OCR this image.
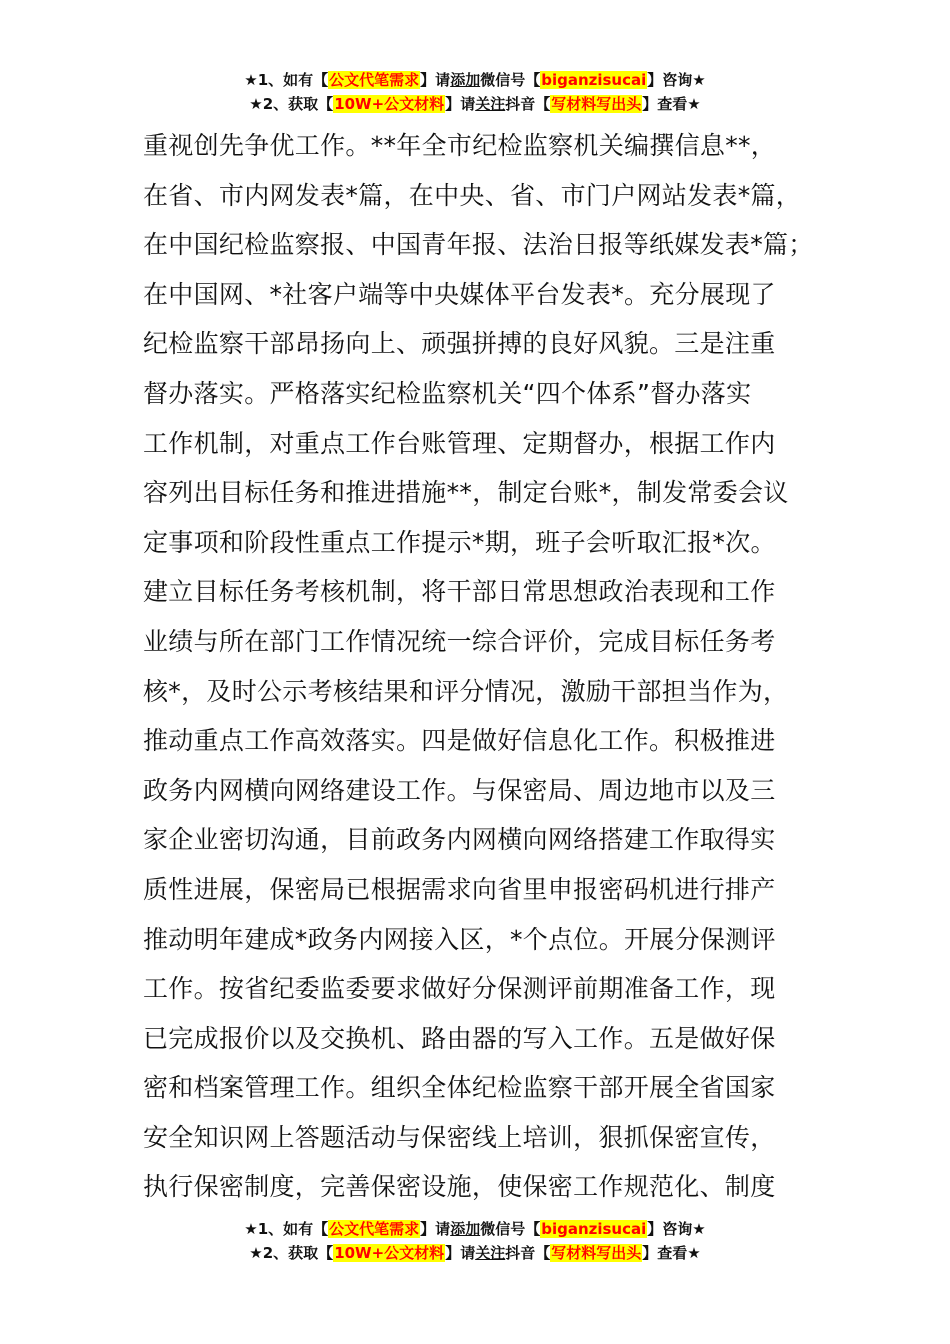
★1、如有【公文代笔需求】请添加微信号【biganzisucai】咨询★
★2、获取【10W+公文材料】请关注抖音【写材料写出头】查看★
重视创先争优工作。**年全市纪检监察机关编撰信息**，
在省、市内网发表*篇，在中央、省、市门户网站发表*篇，
在中国纪检监察报、中国青年报、法治日报等纸媒发表*篇；
在中国网、*社客户端等中央媒体平台发表*。充分展现了
纪检监察干部昂扬向上、顽强拼搏的良好风貌。三是注重
督办落实。严格落实纪检监察机关“四个体系”督办落实
工作机制，对重点工作台账管理、定期督办，根据工作内
容列出目标任务和推进措施**，制定台账*，制发常委会议
定事项和阶段性重点工作提示*期，班子会听取汇报*次。
建立目标任务考核机制，将干部日常思想政治表现和工作
业绩与所在部门工作情况统一综合评价，完成目标任务考
核*，及时公示考核结果和评分情况，激励干部担当作为，
推动重点工作高效落实。四是做好信息化工作。积极推进
政务内网横向网络建设工作。与保密局、周边地市以及三
家企业密切沟通，目前政务内网横向网络搭建工作取得实
质性进展，保密局已根据需求向省里申报密码机进行排产
推动明年建成*政务内网接入区，*个点位。开展分保测评
工作。按省纪委监委要求做好分保测评前期准备工作，现
已完成报价以及交换机、路由器的写入工作。五是做好保
密和档案管理工作。组织全体纪检监察干部开展全省国家
安全知识网上答题活动与保密线上培训，狠抓保密宣传，
执行保密制度，完善保密设施，使保密工作规范化、制度
★1、如有【公文代笔需求】请添加微信号【biganzisucai】咨询★
★2、获取【10W+公文材料】请关注抖音【写材料写出头】查看★
